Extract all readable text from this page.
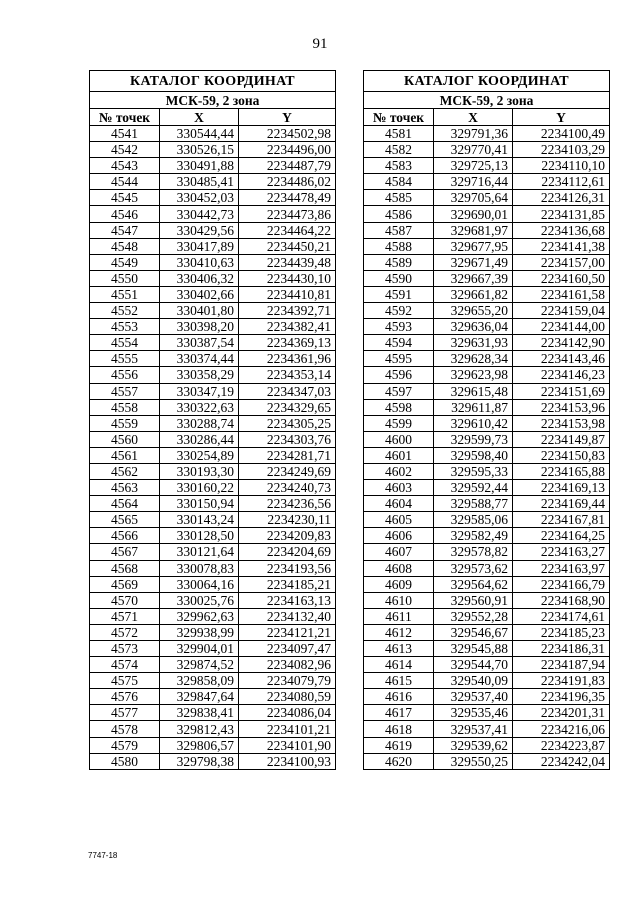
91
КАТАЛОГ КООРДИНАТ		
МСК-59, 2 зона		
№ точек	X	Y
4541	330544,44	2234502,98
4542	330526,15	2234496,00
4543	330491,88	2234487,79
4544	330485,41	2234486,02
4545	330452,03	2234478,49
4546	330442,73	2234473,86
4547	330429,56	2234464,22
4548	330417,89	2234450,21
4549	330410,63	2234439,48
4550	330406,32	2234430,10
4551	330402,66	2234410,81
4552	330401,80	2234392,71
4553	330398,20	2234382,41
4554	330387,54	2234369,13
4555	330374,44	2234361,96
4556	330358,29	2234353,14
4557	330347,19	2234347,03
4558	330322,63	2234329,65
4559	330288,74	2234305,25
4560	330286,44	2234303,76
4561	330254,89	2234281,71
4562	330193,30	2234249,69
4563	330160,22	2234240,73
4564	330150,94	2234236,56
4565	330143,24	2234230,11
4566	330128,50	2234209,83
4567	330121,64	2234204,69
4568	330078,83	2234193,56
4569	330064,16	2234185,21
4570	330025,76	2234163,13
4571	329962,63	2234132,40
4572	329938,99	2234121,21
4573	329904,01	2234097,47
4574	329874,52	2234082,96
4575	329858,09	2234079,79
4576	329847,64	2234080,59
4577	329838,41	2234086,04
4578	329812,43	2234101,21
4579	329806,57	2234101,90
4580	329798,38	2234100,93
КАТАЛОГ КООРДИНАТ		
МСК-59, 2 зона		
№ точек	X	Y
4581	329791,36	2234100,49
4582	329770,41	2234103,29
4583	329725,13	2234110,10
4584	329716,44	2234112,61
4585	329705,64	2234126,31
4586	329690,01	2234131,85
4587	329681,97	2234136,68
4588	329677,95	2234141,38
4589	329671,49	2234157,00
4590	329667,39	2234160,50
4591	329661,82	2234161,58
4592	329655,20	2234159,04
4593	329636,04	2234144,00
4594	329631,93	2234142,90
4595	329628,34	2234143,46
4596	329623,98	2234146,23
4597	329615,48	2234151,69
4598	329611,87	2234153,96
4599	329610,42	2234153,98
4600	329599,73	2234149,87
4601	329598,40	2234150,83
4602	329595,33	2234165,88
4603	329592,44	2234169,13
4604	329588,77	2234169,44
4605	329585,06	2234167,81
4606	329582,49	2234164,25
4607	329578,82	2234163,27
4608	329573,62	2234163,97
4609	329564,62	2234166,79
4610	329560,91	2234168,90
4611	329552,28	2234174,61
4612	329546,67	2234185,23
4613	329545,88	2234186,31
4614	329544,70	2234187,94
4615	329540,09	2234191,83
4616	329537,40	2234196,35
4617	329535,46	2234201,31
4618	329537,41	2234216,06
4619	329539,62	2234223,87
4620	329550,25	2234242,04
7747-18
